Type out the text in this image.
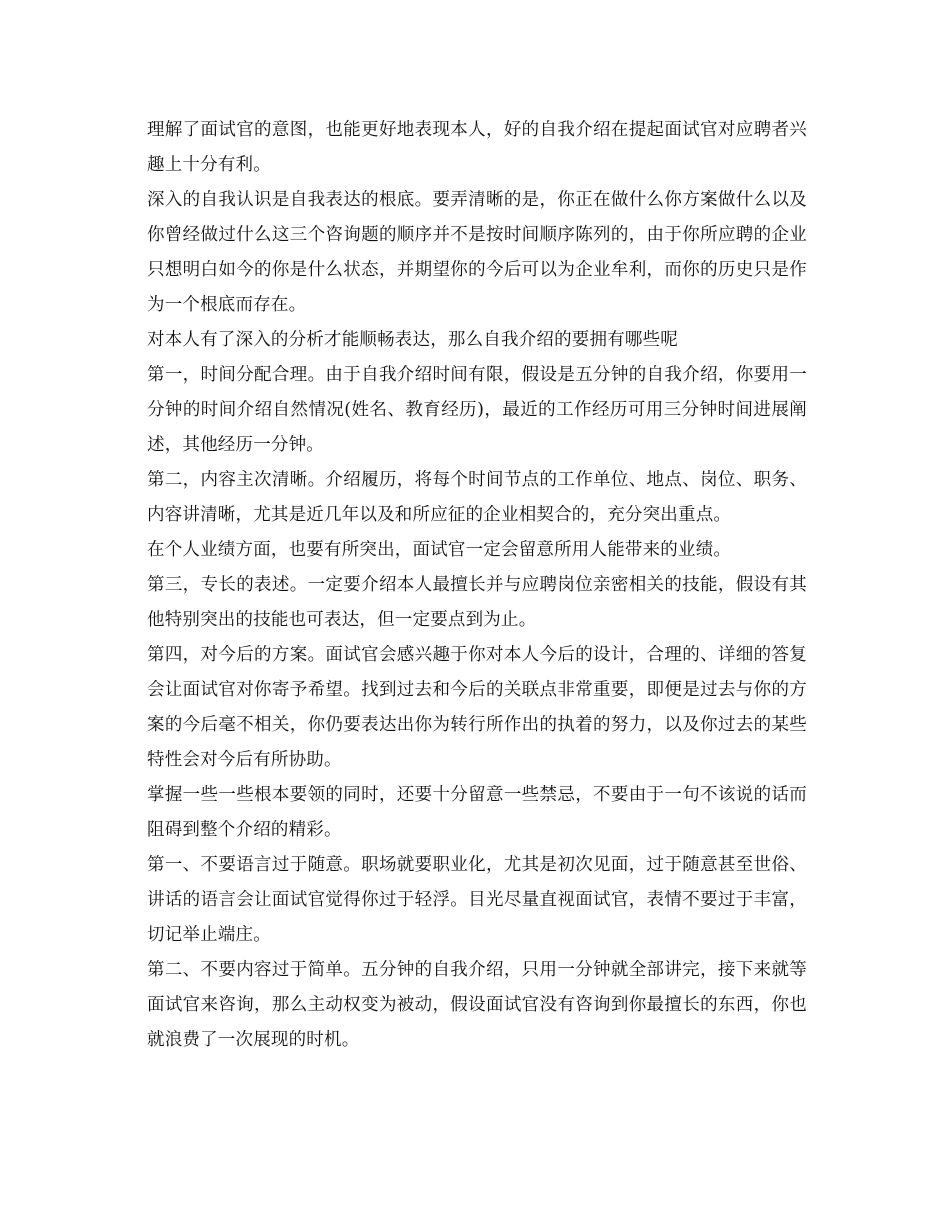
理解了面试官的意图，也能更好地表现本人，好的自我介绍在提起面试官对应聘者兴趣上十分有利。

深入的自我认识是自我表达的根底。要弄清晰的是，你正在做什么你方案做什么以及你曾经做过什么这三个咨询题的顺序并不是按时间顺序陈列的，由于你所应聘的企业只想明白如今的你是什么状态，并期望你的今后可以为企业牟利，而你的历史只是作为一个根底而存在。

对本人有了深入的分析才能顺畅表达，那么自我介绍的要拥有哪些呢

第一，时间分配合理。由于自我介绍时间有限，假设是五分钟的自我介绍，你要用一分钟的时间介绍自然情况(姓名、教育经历)，最近的工作经历可用三分钟时间进展阐述，其他经历一分钟。

第二，内容主次清晰。介绍履历，将每个时间节点的工作单位、地点、岗位、职务、内容讲清晰，尤其是近几年以及和所应征的企业相契合的，充分突出重点。

在个人业绩方面，也要有所突出，面试官一定会留意所用人能带来的业绩。

第三，专长的表述。一定要介绍本人最擅长并与应聘岗位亲密相关的技能，假设有其他特别突出的技能也可表达，但一定要点到为止。

第四，对今后的方案。面试官会感兴趣于你对本人今后的设计，合理的、详细的答复会让面试官对你寄予希望。找到过去和今后的关联点非常重要，即便是过去与你的方案的今后毫不相关，你仍要表达出你为转行所作出的执着的努力，以及你过去的某些特性会对今后有所协助。

掌握一些一些根本要领的同时，还要十分留意一些禁忌，不要由于一句不该说的话而阻碍到整个介绍的精彩。

第一、不要语言过于随意。职场就要职业化，尤其是初次见面，过于随意甚至世俗、讲话的语言会让面试官觉得你过于轻浮。目光尽量直视面试官，表情不要过于丰富，切记举止端庄。

第二、不要内容过于简单。五分钟的自我介绍，只用一分钟就全部讲完，接下来就等面试官来咨询，那么主动权变为被动，假设面试官没有咨询到你最擅长的东西，你也就浪费了一次展现的时机。
